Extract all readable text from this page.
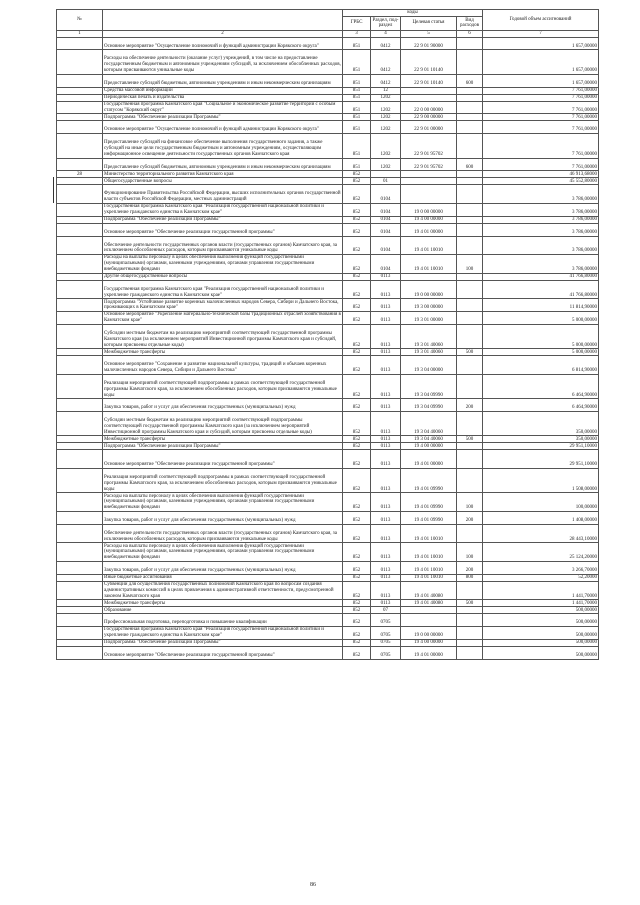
№		коды				Годовой объем ассигнований
		ГРБС	Раздел, под-раздел	Целевая статья	Вид расходов	
1	2	3	4	5	6	7
	Основное мероприятие "Осуществление полномочий и функций администрации Корякского округа"	851	0412	22 9 01 90000		1 657,00000
	Расходы на обеспечение деятельности (оказание услуг) учреждений, в том числе на предоставление государственным бюджетным и автономным учреждениям субсидий, за исключением обособленных расходов, которым присваиваются уникальные коды	851	0412	22 9 01 10140		1 657,00000
	Предоставление субсидий бюджетным, автономным учреждениям и иным некоммерческим организациям	851	0412	22 9 01 10140	600	1 657,00000
	Средства массовой информации	851	12			7 761,00000
	Периодическая печать и издательства	851	1202			7 761,00000
	Государственная программа Камчатского края "Социальное и экономическое развитие территории с особым статусом "Корякский округ"	851	1202	22 0 00 00000		7 761,00000
	Подпрограмма "Обеспечение реализации Программы"	851	1202	22 9 00 00000		7 761,00000
	Основное мероприятие "Осуществление полномочий и функций администрации Корякского округа"	851	1202	22 9 01 00000		7 761,00000
	Предоставление субсидий на финансовое обеспечение выполнения государственного задания, а также субсидий на иные цели государственным бюджетным и автономным учреждениям, осуществляющим информационное освещение деятельности государственных органов Камчатского края	851	1202	22 9 01 95702		7 761,00000
	Предоставление субсидий бюджетным, автономным учреждениям и иным некоммерческим организациям	851	1202	22 9 01 95702	600	7 761,00000
28	Министерство территориального развития Камчатского края	852				46 913,68000
	Общегосударственные вопросы	852	01			45 552,80000
	Функционирование Правительства Российской Федерации, высших исполнительных органов государственной власти субъектов Российской Федерации, местных администраций	852	0104			3 786,00000
	Государственная программа Камчатского края "Реализация государственной национальной политики и укрепление гражданского единства в Камчатском крае"	852	0104	19 0 00 00000		3 786,00000
	Подпрограмма "Обеспечение реализации Программы"	852	0104	19 4 00 00000		3 786,00000
	Основное мероприятие "Обеспечение реализации государственной программы"	852	0104	19 4 01 00000		3 786,00000
	Обеспечение деятельности государственных органов власти (государственных органов) Камчатского края, за исключением обособленных расходов, которым присваиваются уникальные коды	852	0104	19 4 01 10010		3 786,00000
	Расходы на выплаты персоналу в целях обеспечения выполнения функций государственными (муниципальными) органами, казенными учреждениями, органами управления государственными внебюджетными фондами	852	0104	19 4 01 10010	100	3 786,00000
	Другие общегосударственные вопросы	852	0113			41 766,80000
	Государственная программа Камчатского края "Реализация государственной национальной политики и укрепление гражданского единства в Камчатском крае"	852	0113	19 0 00 00000		41 766,80000
	Подпрограмма "Устойчивое развитие коренных малочисленных народов Севера, Сибири и Дальнего Востока, проживающих в Камчатском крае"	852	0113	19 3 00 00000		11 814,90000
	Основное мероприятие "Укрепление материально-технической базы традиционных отраслей хозяйствования в Камчатском крае"	852	0113	19 3 01 00000		5 000,00000
	Субсидии местным бюджетам на реализацию мероприятий соответствующей государственной программы Камчатского края (за исключением мероприятий Инвестиционной программы Камчатского края и субсидий, которым присвоены отдельные коды)	852	0113	19 3 01 40060		5 000,00000
	Межбюджетные трансферты	852	0113	19 3 01 40060	500	5 000,00000
	Основное мероприятие "Сохранение и развитие национальной культуры, традиций и обычаев коренных малочисленных народов Севера, Сибири и Дальнего Востока"	852	0113	19 3 04 00000		6 814,90000
	Реализация мероприятий соответствующей подпрограммы в рамках соответствующей государственной программы Камчатского края, за исключением обособленных расходов, которым присваиваются уникальные коды	852	0113	19 3 04 09990		6 464,90000
	Закупка товаров, работ и услуг для обеспечения государственных (муниципальных) нужд	852	0113	19 3 04 09990	200	6 464,90000
	Субсидии местным бюджетам на реализацию мероприятий соответствующей подпрограммы соответствующей государственной программы Камчатского края (за исключением мероприятий Инвестиционной программы Камчатского края и субсидий, которым присвоены отдельные коды)	852	0113	19 3 04 40060		350,00000
	Межбюджетные трансферты	852	0113	19 3 04 40060	500	350,00000
	Подпрограмма "Обеспечение реализации Программы"	852	0113	19 4 00 00000		29 951,10000
	Основное мероприятие "Обеспечение реализации государственной программы"	852	0113	19 4 01 00000		29 951,10000
	Реализация мероприятий соответствующей подпрограммы в рамках соответствующей государственной программы Камчатского края, за исключением обособленных расходов, которым присваиваются уникальные коды	852	0113	19 4 01 09990		1 508,00000
	Расходы на выплаты персоналу в целях обеспечения выполнения функций государственными (муниципальными) органами, казенными учреждениями, органами управления государственными внебюджетными фондами	852	0113	19 4 01 09990	100	100,00000
	Закупка товаров, работ и услуг для обеспечения государственных (муниципальных) нужд	852	0113	19 4 01 09990	200	1 408,00000
	Обеспечение деятельности государственных органов власти (государственных органов) Камчатского края, за исключением обособленных расходов, которым присваиваются уникальные коды	852	0113	19 4 01 10010		28 443,10000
	Расходы на выплаты персоналу в целях обеспечения выполнения функций государственными (муниципальными) органами, казенными учреждениями, органами управления государственными внебюджетными фондами	852	0113	19 4 01 10010	100	25 124,20000
	Закупка товаров, работ и услуг для обеспечения государственных (муниципальных) нужд	852	0113	19 4 01 10010	200	3 266,70000
	Иные бюджетные ассигнования	852	0113	19 4 01 10010	800	52,20000
	Субвенции для осуществления государственных полномочий Камчатского края по вопросам создания административных комиссий в целях привлечения к административной ответственности, предусмотренной законом Камчатского края	852	0113	19 4 01 40080		1 441,70000
	Межбюджетные трансферты	852	0113	19 4 01 40080	500	1 441,70000
	Образование	852	07			500,00000
	Профессиональная подготовка, переподготовка и повышение квалификации	852	0705			500,00000
	Государственная программа Камчатского края "Реализация государственной национальной политики и укрепление гражданского единства в Камчатском крае"	852	0705	19 0 00 00000		500,00000
	Подпрограмма "Обеспечение реализации Программы"	852	0705	19 4 00 00000		500,00000
	Основное мероприятие "Обеспечение реализации государственной программы"	852	0705	19 4 01 00000		500,00000
86
